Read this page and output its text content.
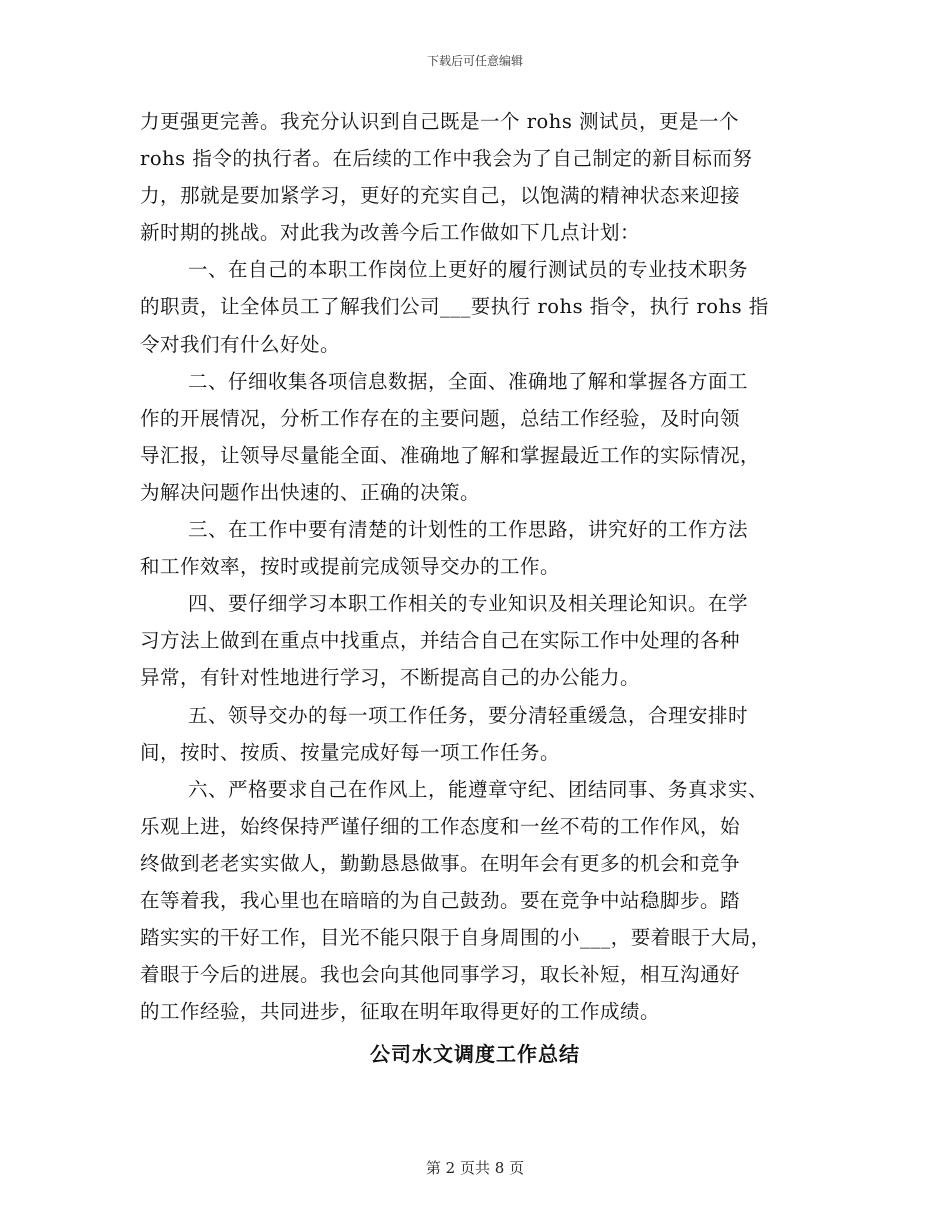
下载后可任意编辑
力更强更完善。我充分认识到自己既是一个 rohs 测试员，更是一个
rohs 指令的执行者。在后续的工作中我会为了自己制定的新目标而努
力，那就是要加紧学习，更好的充实自己，以饱满的精神状态来迎接
新时期的挑战。对此我为改善今后工作做如下几点计划：
一、在自己的本职工作岗位上更好的履行测试员的专业技术职务
的职责，让全体员工了解我们公司___要执行 rohs 指令，执行 rohs 指
令对我们有什么好处。
二、仔细收集各项信息数据，全面、准确地了解和掌握各方面工
作的开展情况，分析工作存在的主要问题，总结工作经验，及时向领
导汇报，让领导尽量能全面、准确地了解和掌握最近工作的实际情况，
为解决问题作出快速的、正确的决策。
三、在工作中要有清楚的计划性的工作思路，讲究好的工作方法
和工作效率，按时或提前完成领导交办的工作。
四、要仔细学习本职工作相关的专业知识及相关理论知识。在学
习方法上做到在重点中找重点，并结合自己在实际工作中处理的各种
异常，有针对性地进行学习，不断提高自己的办公能力。
五、领导交办的每一项工作任务，要分清轻重缓急，合理安排时
间，按时、按质、按量完成好每一项工作任务。
六、严格要求自己在作风上，能遵章守纪、团结同事、务真求实、
乐观上进，始终保持严谨仔细的工作态度和一丝不苟的工作作风，始
终做到老老实实做人，勤勤恳恳做事。在明年会有更多的机会和竞争
在等着我，我心里也在暗暗的为自己鼓劲。要在竞争中站稳脚步。踏
踏实实的干好工作，目光不能只限于自身周围的小___，要着眼于大局，
着眼于今后的进展。我也会向其他同事学习，取长补短，相互沟通好
的工作经验，共同进步，征取在明年取得更好的工作成绩。
公司水文调度工作总结
第 2 页共 8 页
